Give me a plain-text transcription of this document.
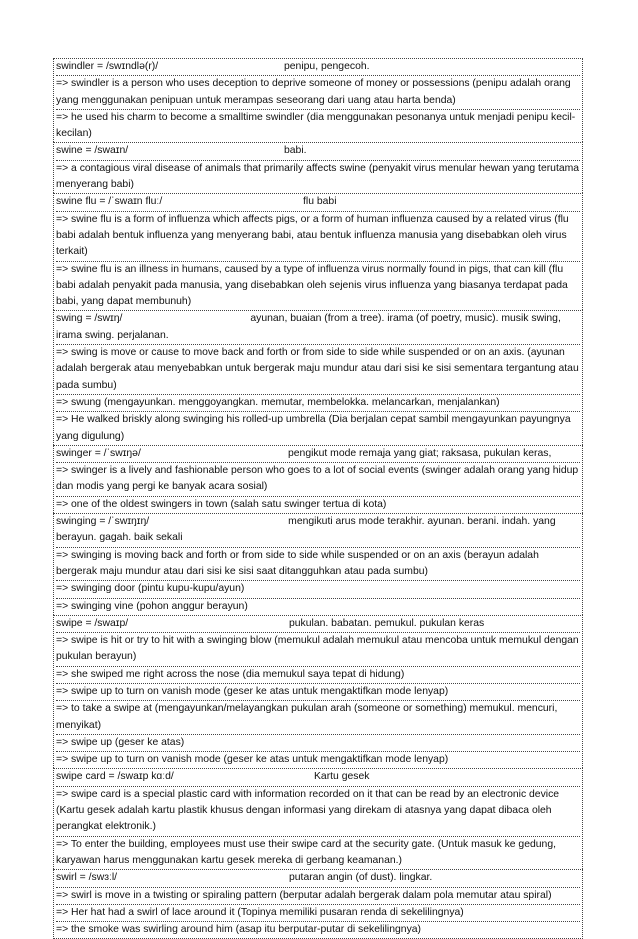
swindler = /swɪndlə(r)/	penipu, pengecoh.
=> swindler is a person who uses deception to deprive someone of money or possessions (penipu adalah orang yang menggunakan penipuan untuk merampas seseorang dari uang atau harta benda)
=> he used his charm to become a smalltime swindler (dia menggunakan pesonanya untuk menjadi penipu kecil-kecilan)
swine = /swaɪn/	babi.
=> a contagious viral disease of animals that primarily affects swine (penyakit virus menular hewan yang terutama menyerang babi)
swine flu = /ˈswaɪn fluː/	flu babi
=> swine flu is a form of influenza which affects pigs, or a form of human influenza caused by a related virus (flu babi adalah bentuk influenza yang menyerang babi, atau bentuk influenza manusia yang disebabkan oleh virus terkait)
=> swine flu is an illness in humans, caused by a type of influenza virus normally found in pigs, that can kill (flu babi adalah penyakit pada manusia, yang disebabkan oleh sejenis virus influenza yang biasanya terdapat pada babi, yang dapat membunuh)
swing = /swɪŋ/	ayunan, buaian (from a tree). irama (of poetry, music). musik swing, irama swing. perjalanan.
=> swing is move or cause to move back and forth or from side to side while suspended or on an axis. (ayunan adalah bergerak atau menyebabkan untuk bergerak maju mundur atau dari sisi ke sisi sementara tergantung atau pada sumbu)
=> swung (mengayunkan. menggoyangkan. memutar, membelokka. melancarkan, menjalankan)
=> He walked briskly along swinging his rolled-up umbrella (Dia berjalan cepat sambil mengayunkan payungnya yang digulung)
swinger = /ˈswɪŋə/	pengikut mode remaja yang giat; raksasa, pukulan keras,
=> swinger is a lively and fashionable person who goes to a lot of social events (swinger adalah orang yang hidup dan modis yang pergi ke banyak acara sosial)
=> one of the oldest swingers in town (salah satu swinger tertua di kota)
swinging = /ˈswɪŋɪŋ/	mengikuti arus mode terakhir. ayunan. berani. indah. yang berayun. gagah. baik sekali
=> swinging is moving back and forth or from side to side while suspended or on an axis (berayun adalah bergerak maju mundur atau dari sisi ke sisi saat ditangguhkan atau pada sumbu)
=> swinging door (pintu kupu-kupu/ayun)
=> swinging vine (pohon anggur berayun)
swipe = /swaɪp/	pukulan. babatan. pemukul. pukulan keras
=> swipe is hit or try to hit with a swinging blow (memukul adalah memukul atau mencoba untuk memukul dengan pukulan berayun)
=> she swiped me right across the nose (dia memukul saya tepat di hidung)
=> swipe up to turn on vanish mode (geser ke atas untuk mengaktifkan mode lenyap)
=> to take a swipe at (mengayunkan/melayangkan pukulan arah (someone or something) memukul. mencuri, menyikat)
=> swipe up (geser ke atas)
=> swipe up to turn on vanish mode (geser ke atas untuk mengaktifkan mode lenyap)
swipe card = /swaɪp kɑːd/	Kartu gesek
=> swipe card is a special plastic card with information recorded on it that can be read by an electronic device (Kartu gesek adalah kartu plastik khusus dengan informasi yang direkam di atasnya yang dapat dibaca oleh perangkat elektronik.)
=> To enter the building, employees must use their swipe card at the security gate. (Untuk masuk ke gedung, karyawan harus menggunakan kartu gesek mereka di gerbang keamanan.)
swirl = /swɜːl/	putaran angin (of dust). lingkar.
=> swirl is move in a twisting or spiraling pattern (berputar adalah bergerak dalam pola memutar atau spiral)
=> Her hat had a swirl of lace around it (Topinya memiliki pusaran renda di sekelilingnya)
=> the smoke was swirling around him (asap itu berputar-putar di sekelilingnya)
